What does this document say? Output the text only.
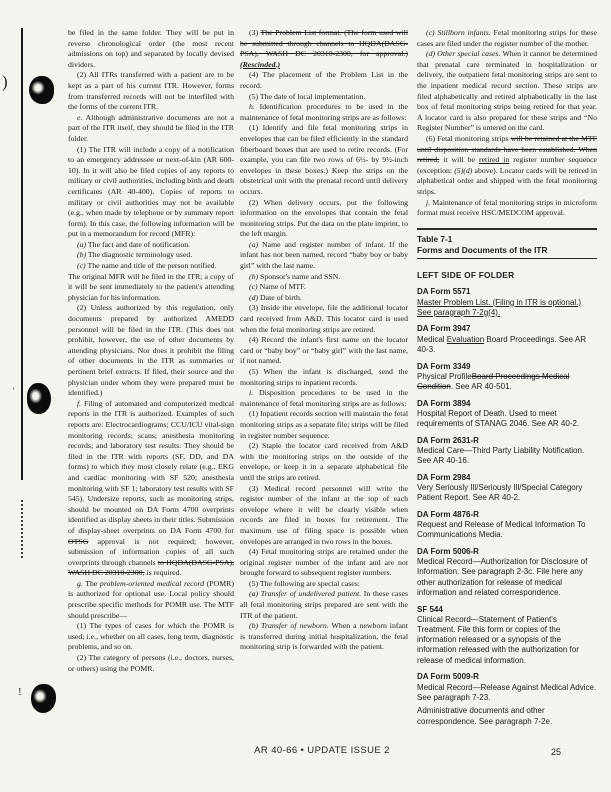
)
'
!

be filed in the same folder. They will be put in reverse chronological order (the most recent admissions on top) and separated by locally devised dividers.

(2) All ITRs transferred with a patient are to be kept as a part of his current ITR. However, forms from transferred records will not be interfiled with the forms of the current ITR.

e. Although administrative documents are not a part of the ITR itself, they should be filed in the ITR folder.

(1) The ITR will include a copy of a notification to an emergency addressee or next-of-kin (AR 600-10). In it will also be filed copies of any reports to military or civil authorities, including birth and death certificates (AR 40-400). Copies of reports to military or civil authorities may not be available (e.g., when made by telephone or by summary report form). In this case, the following information will be put in a memorandum for record (MFR):

(a) The fact and date of notification.

(b) The diagnostic terminology used.

(c) The name and title of the person notified.

The original MFR will be filed in the ITR; a copy of it will be sent immediately to the patient's attending physician for his information.

(2) Unless authorized by this regulation, only documents prepared by authorized AMEDD personnel will be filed in the ITR. (This does not prohibit, however, the use of other documents by attending physicians. Nor does it prohibit the filing of other documents in the ITR as summaries or pertinent brief extracts. If filed, their source and the physician under whom they were prepared must be identified.)

f. Filing of automated and computerized medical reports in the ITR is authorized. Examples of such reports are: Electrocardiograms; CCU/ICU vital-sign monitoring records; scans; anesthesia monitoring records; and laboratory test results. They should be filed in the ITR with reports (SF, DD, and DA forms) to which they most closely relate (e.g., EKG and cardiac monitoring with SF 520; anesthesia monitoring with SF 1; laboratory test results with SF 545). Undersize reports, such as monitoring strips, should be mounted on DA Form 4700 overprints identified as display sheets in their titles. Submission of display-sheet overprints on DA Form 4700 for OTSG approval is not required; however, submission of information copies of all such overprints through channels to HQDA(DASG-PSA), WASH DC 20310-2300, is required.

g. The problem-oriented medical record (POMR) is authorized for optional use. Local policy should prescribe specific methods for POMR use. The MTF should prescribe—

(1) The types of cases for which the POMR is used; i.e., whether on all cases, long term, diagnostic problems, and so on.

(2) The category of persons (i.e., doctors, nurses, or others) using the POMR.

(3) The Problem List format. (The form used will be submitted through channels to HQDA(DASG-PSA), WASH DC 20310-2300, for approval.)(Rescinded.)

(4) The placement of the Problem List in the record.

(5) The date of local implementation.

h. Identification procedures to be used in the maintenance of fetal monitoring strips are as follows:

(1) Identify and file fetal monitoring strips in envelopes that can be filed efficiently in the standard fiberboard boxes that are used to retire records. (For example, you can file two rows of 6½- by 9½-inch envelopes in these boxes.) Keep the strips on the obstetrical unit with the prenatal record until delivery occurs.

(2) When delivery occurs, put the following information on the envelopes that contain the fetal monitoring strips. Put the data on the plate imprint, to the left margin.

(a) Name and register number of infant. If the infant has not been named, record “baby boy or baby girl” with the last name.

(b) Sponsor's name and SSN.

(c) Name of MTF.

(d) Date of birth.

(3) Inside the envelope, file the additional locator card received from A&D. This locator card is used when the fetal monitoring strips are retired.

(4) Record the infant's first name on the locator card or “baby boy” or “baby girl” with the last name, if not named.

(5) When the infant is discharged, send the monitoring strips to inpatient records.

i. Disposition procedures to be used in the maintenance of fetal monitoring strips are as follows:

(1) Inpatient records section will maintain the fetal monitoring strips as a separate file; strips will be filed in register number sequence.

(2) Staple the locator card received from A&D with the monitoring strips on the outside of the envelope, or keep it in a separate alphabetical file until the strips are retired.

(3) Medical record personnel will write the register number of the infant at the top of each envelope where it will be clearly visible when records are filed in boxes for retirement. The maximum use of filing space is possible when envelopes are arranged in two rows in the boxes.

(4) Fetal monitoring strips are retained under the original register number of the infant and are not brought forward to subsequent register numbers.

(5) The following are special cases:

(a) Transfer of undelivered patient. In these cases all fetal monitoring strips prepared are sent with the ITR of the patient.

(b) Transfer of newborn. When a newborn infant is transferred during initial hospitalization, the fetal monitoring strip is forwarded with the patient.

(c) Stillborn infants. Fetal monitoring strips for these cases are filed under the register number of the mother.

(d) Other special cases. When it cannot be determined that prenatal care terminated in hospitalization or delivery, the outpatient fetal monitoring strips are sent to the inpatient medical record section. These strips are filed alphabetically and retired alphabetically in the last box of fetal monitoring strips being retired for that year. A locator card is also prepared for these strips and “No Register Number” is entered on the card.

(6) Fetal monitoring strips will be retained at the MTF until disposition standards have been established. When retired, it will be retired in register number sequence (exception: (5)(d) above). Locator cards will be retired in alphabetical order and shipped with the fetal monitoring strips.

j. Maintenance of fetal monitoring strips in microform format must receive HSC/MEDCOM approval.

Table 7-1
Forms and Documents of the ITR
LEFT SIDE OF FOLDER
DA Form 5571
Master Problem List. (Filing in ITR is optional.) See paragraph 7-2g(4).
DA Form 3947
Medical Evaluation Board Proceedings. See AR 40-3.
DA Form 3349
Physical ProfileBoard Proceedings Medical Condition. See AR 40-501.
DA Form 3894
Hospital Report of Death. Used to meet requirements of STANAG 2046. See AR 40-2.
DA Form 2631-R
Medical Care—Third Party Liability Notification. See AR 40-16.
DA Form 2984
Very Seriously Ill/Seriously Ill/Special Category Patient Report. See AR 40-2.
DA Form 4876-R
Request and Release of Medical Information To Communications Media.
DA Form 5006-R
Medical Record—Authorization for Disclosure of Information. See paragraph 2-3c. File here any other authorization for release of medical information and related correspondence.
SF 544
Clinical Record—Statement of Patient's Treatment. File this form or copies of the information released or a synopsis of the information released with the authorization for release of medical information.
DA Form 5009-R
Medical Record—Release Against Medical Advice. See paragraph 7-23.
Administrative documents and other correspondence. See paragraph 7-2e.
AR 40-66 • UPDATE ISSUE 2	25
